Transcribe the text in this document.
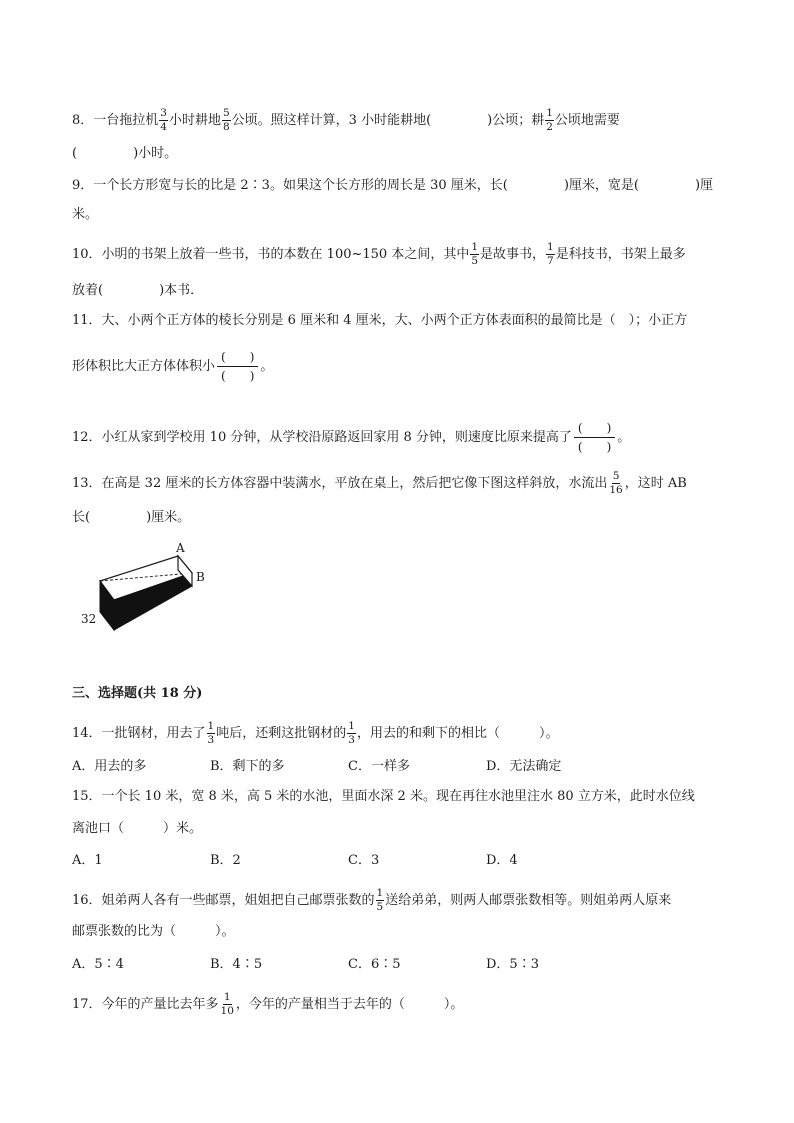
8．一台拖拉机 $\frac{3}{4}$ 小时耕地 $\frac{5}{8}$ 公顷。照这样计算，3 小时能耕地(	)公顷；耕 $\frac{1}{2}$ 公顷地需要
(	)小时。
9．一个长方形宽与长的比是 2∶3。如果这个长方形的周长是 30 厘米，长(	)厘米，宽是(	)厘
米。
10．小明的书架上放着一些书，书的本数在 100~150 本之间，其中 $\frac{1}{5}$ 是故事书， $\frac{1}{7}$ 是科技书，书架上最多
放着(	)本书．
11．大、小两个正方体的棱长分别是 6 厘米和 4 厘米，大、小两个正方体表面积的最简比是（　）；小正方
形体积比大正方体体积小 $\frac{( )}{( )}$ 。
12．小红从家到学校用 10 分钟，从学校沿原路返回家用 8 分钟，则速度比原来提高了 $\frac{( )}{( )}$ 。
13．在高是 32 厘米的长方体容器中装满水，平放在桌上，然后把它像下图这样斜放，水流出 $\frac{5}{16}$ ，这时 AB
长(	)厘米。
A
B
32
三、选择题(共 18 分)
14．一批钢材，用去了 $\frac{1}{3}$ 吨后，还剩这批钢材的 $\frac{1}{3}$ ，用去的和剩下的相比（　　　）。
A．用去的多	B．剩下的多	C．一样多	D．无法确定
15．一个长 10 米，宽 8 米，高 5 米的水池，里面水深 2 米。现在再往水池里注水 80 立方米，此时水位线
离池口（　　　）米。
A．1	B．2	C．3	D．4
16．姐弟两人各有一些邮票，姐姐把自己邮票张数的 $\frac{1}{5}$ 送给弟弟，则两人邮票张数相等。则姐弟两人原来
邮票张数的比为（　　　）。
A．5∶4	B．4∶5	C．6∶5	D．5∶3
17．今年的产量比去年多 $\frac{1}{10}$ ，今年的产量相当于去年的（　　　）。
